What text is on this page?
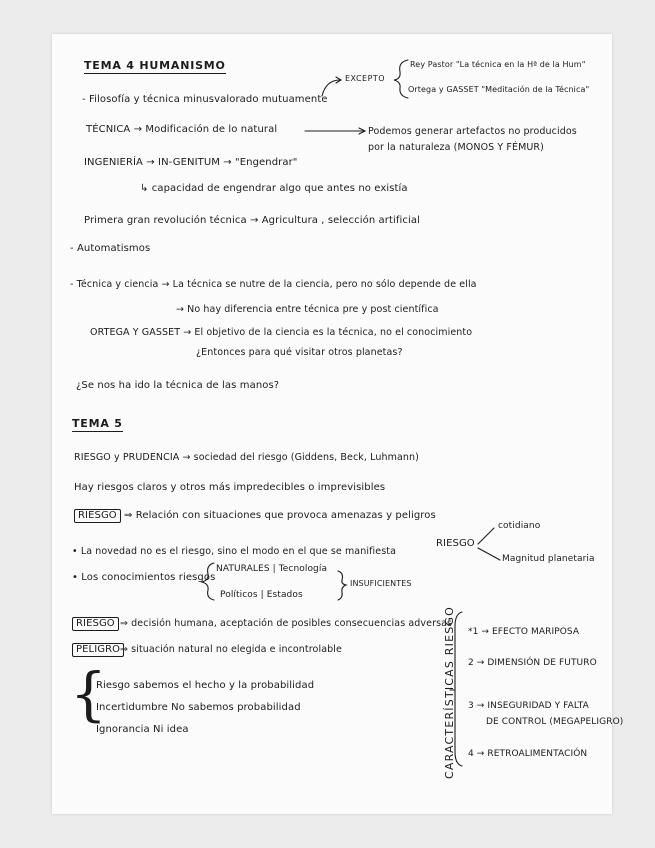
TEMA 4 HUMANISMO
EXCEPTO
Rey Pastor "La técnica en la Hª de la Hum"
Ortega y GASSET "Meditación de la Técnica"
- Filosofía y técnica minusvalorado mutuamente
TÉCNICA → Modificación de lo natural	Podemos generar artefactos no producidos
por la naturaleza (MONOS Y FÉMUR)
INGENIERÍA → IN-GENITUM → "Engendrar"
↳ capacidad de engendrar algo que antes no existía
Primera gran revolución técnica → Agricultura , selección artificial
- Automatismos
- Técnica y ciencia → La técnica se nutre de la ciencia, pero no sólo depende de ella
→ No hay diferencia entre técnica pre y post científica
ORTEGA Y GASSET → El objetivo de la ciencia es la técnica, no el conocimiento
¿Entonces para qué visitar otros planetas?
¿Se nos ha ido la técnica de las manos?
TEMA 5
RIESGO y PRUDENCIA → sociedad del riesgo (Giddens, Beck, Luhmann)
Hay riesgos claros y otros más impredecibles o imprevisibles
RIESGO ⇒ Relación con situaciones que provoca amenazas y peligros
• La novedad no es el riesgo, sino el modo en el que se manifiesta
RIESGO
cotidiano
Magnitud planetaria
• Los conocimientos riesgos
NATURALES | Tecnología
Políticos | Estados
INSUFICIENTES
RIESGO ⇒ decisión humana, aceptación de posibles consecuencias adversas
PELIGRO ⇒ situación natural no elegida e incontrolable
{
Riesgo sabemos el hecho y la probabilidad
Incertidumbre No sabemos probabilidad
Ignorancia Ni idea	CARACTERÍSTICAS RIESGO *1 → EFECTO MARIPOSA
2 → DIMENSIÓN DE FUTURO
3 → INSEGURIDAD Y FALTA
DE CONTROL (MEGAPELIGRO)
4 → RETROALIMENTACIÓN
